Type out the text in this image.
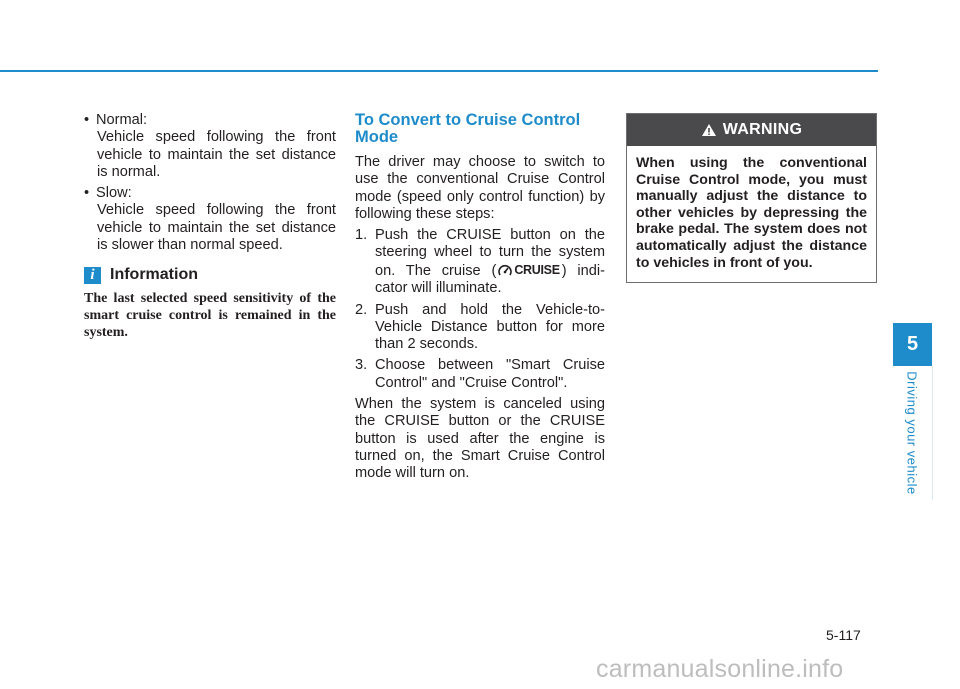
• Normal:
Vehicle speed following the front vehicle to maintain the set distance is normal.
• Slow:
Vehicle speed following the front vehicle to maintain the set distance is slower than normal speed.
i Information
The last selected speed sensitivity of the smart cruise control is remained in the system.
To Convert to Cruise Control Mode
The driver may choose to switch to use the conventional Cruise Control mode (speed only control function) by following these steps:
1. Push the CRUISE button on the steering wheel to turn the system on. The cruise ( CRUISE ) indicator will illuminate.
2. Push and hold the Vehicle-to-Vehicle Distance button for more than 2 seconds.
3. Choose between "Smart Cruise Control" and "Cruise Control".
When the system is canceled using the CRUISE button or the CRUISE button is used after the engine is turned on, the Smart Cruise Control mode will turn on.
WARNING
When using the conventional Cruise Control mode, you must manually adjust the distance to other vehicles by depressing the brake pedal. The system does not automatically adjust the distance to vehicles in front of you.
5
Driving your vehicle
5-117
carmanualsonline.info
